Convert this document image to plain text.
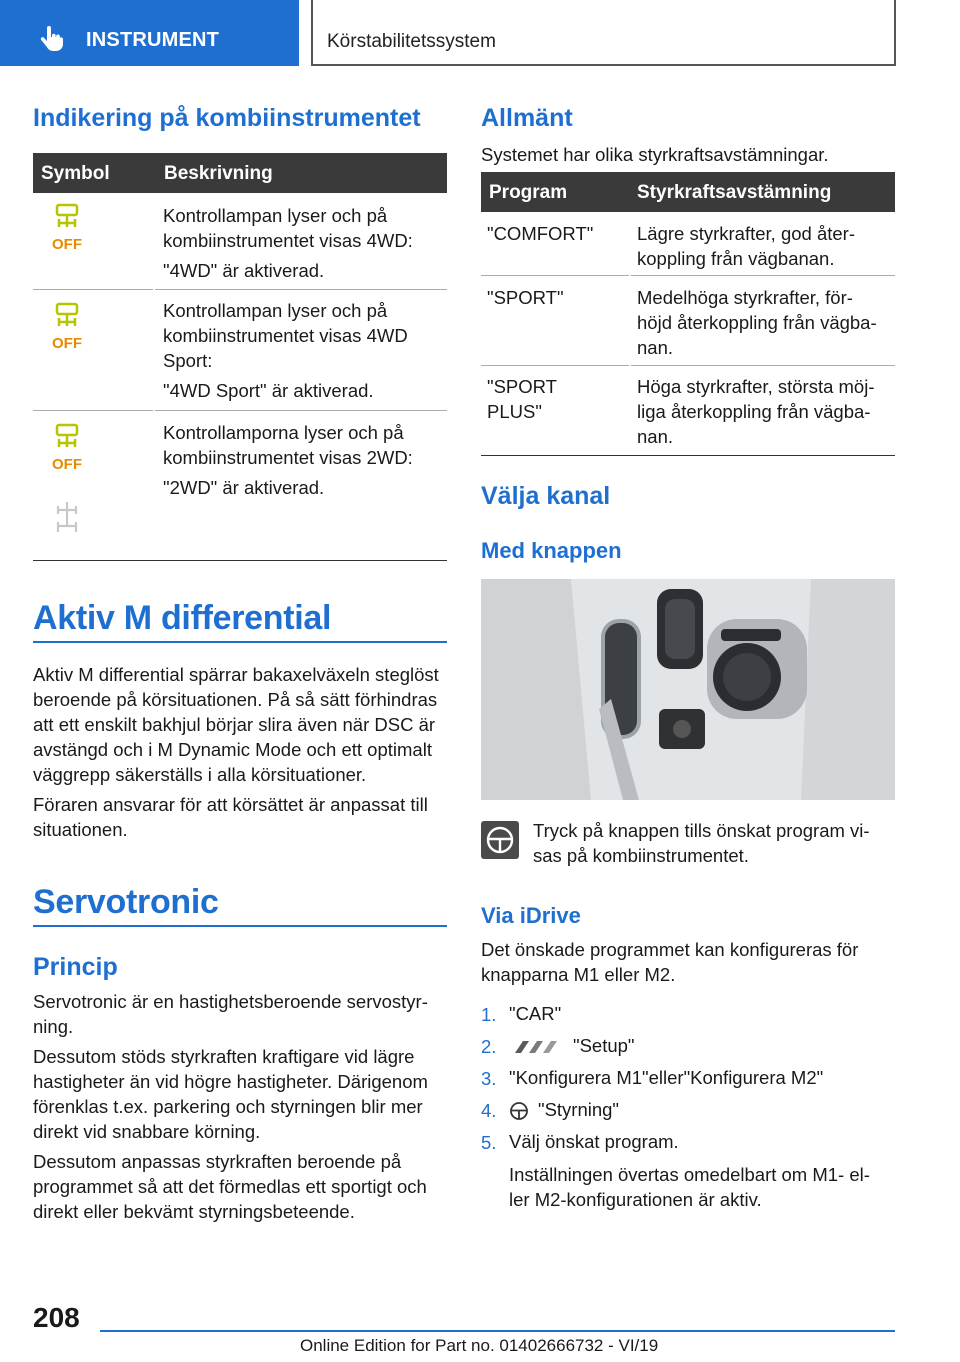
INSTRUMENT	Körstabilitetssystem
Indikering på kombiinstrumentet
Symbol	Beskrivning
OFF
Kontrollampan lyser och på
kombiinstrumentet visas 4WD:
"4WD" är aktiverad.
OFF
Kontrollampan lyser och på
kombiinstrumentet visas 4WD
Sport:
"4WD Sport" är aktiverad.
OFF
Kontrollamporna lyser och på
kombiinstrumentet visas 2WD:
"2WD" är aktiverad.
Aktiv M differential
Aktiv M differential spärrar bakaxelväxeln steglöst
beroende på körsituationen. På så sätt förhindras
att ett enskilt bakhjul börjar slira även när DSC är
avstängd och i M Dynamic Mode och ett optimalt
väggrepp säkerställs i alla körsituationer.
Föraren ansvarar för att körsättet är anpassat till
situationen.
Servotronic
Princip
Servotronic är en hastighetsberoende servostyr-
ning.
Dessutom stöds styrkraften kraftigare vid lägre
hastigheter än vid högre hastigheter. Därigenom
förenklas t.ex. parkering och styrningen blir mer
direkt vid snabbare körning.
Dessutom anpassas styrkraften beroende på
programmet så att det förmedlas ett sportigt och
direkt eller bekvämt styrningsbeteende.
Allmänt
Systemet har olika styrkraftsavstämningar.
Program	Styrkraftsavstämning
"COMFORT" Lägre styrkrafter, god åter-
koppling från vägbanan.
"SPORT"	Medelhöga styrkrafter, för-
höjd återkoppling från vägba-
nan.
"SPORT
PLUS"
Höga styrkrafter, största möj-
liga återkoppling från vägba-
nan.
Välja kanal
Med knappen
Tryck på knappen tills önskat program vi-
sas på kombiinstrumentet.
Via iDrive
Det önskade programmet kan konfigureras för
knapparna M1 eller M2.
1. "CAR"
2.	"Setup"
3. "Konfigurera M1"eller"Konfigurera M2"
4. "Styrning"
5. Välj önskat program.
Inställningen övertas omedelbart om M1- el-
ler M2-konfigurationen är aktiv.
208
Online Edition for Part no. 01402666732 - VI/19
